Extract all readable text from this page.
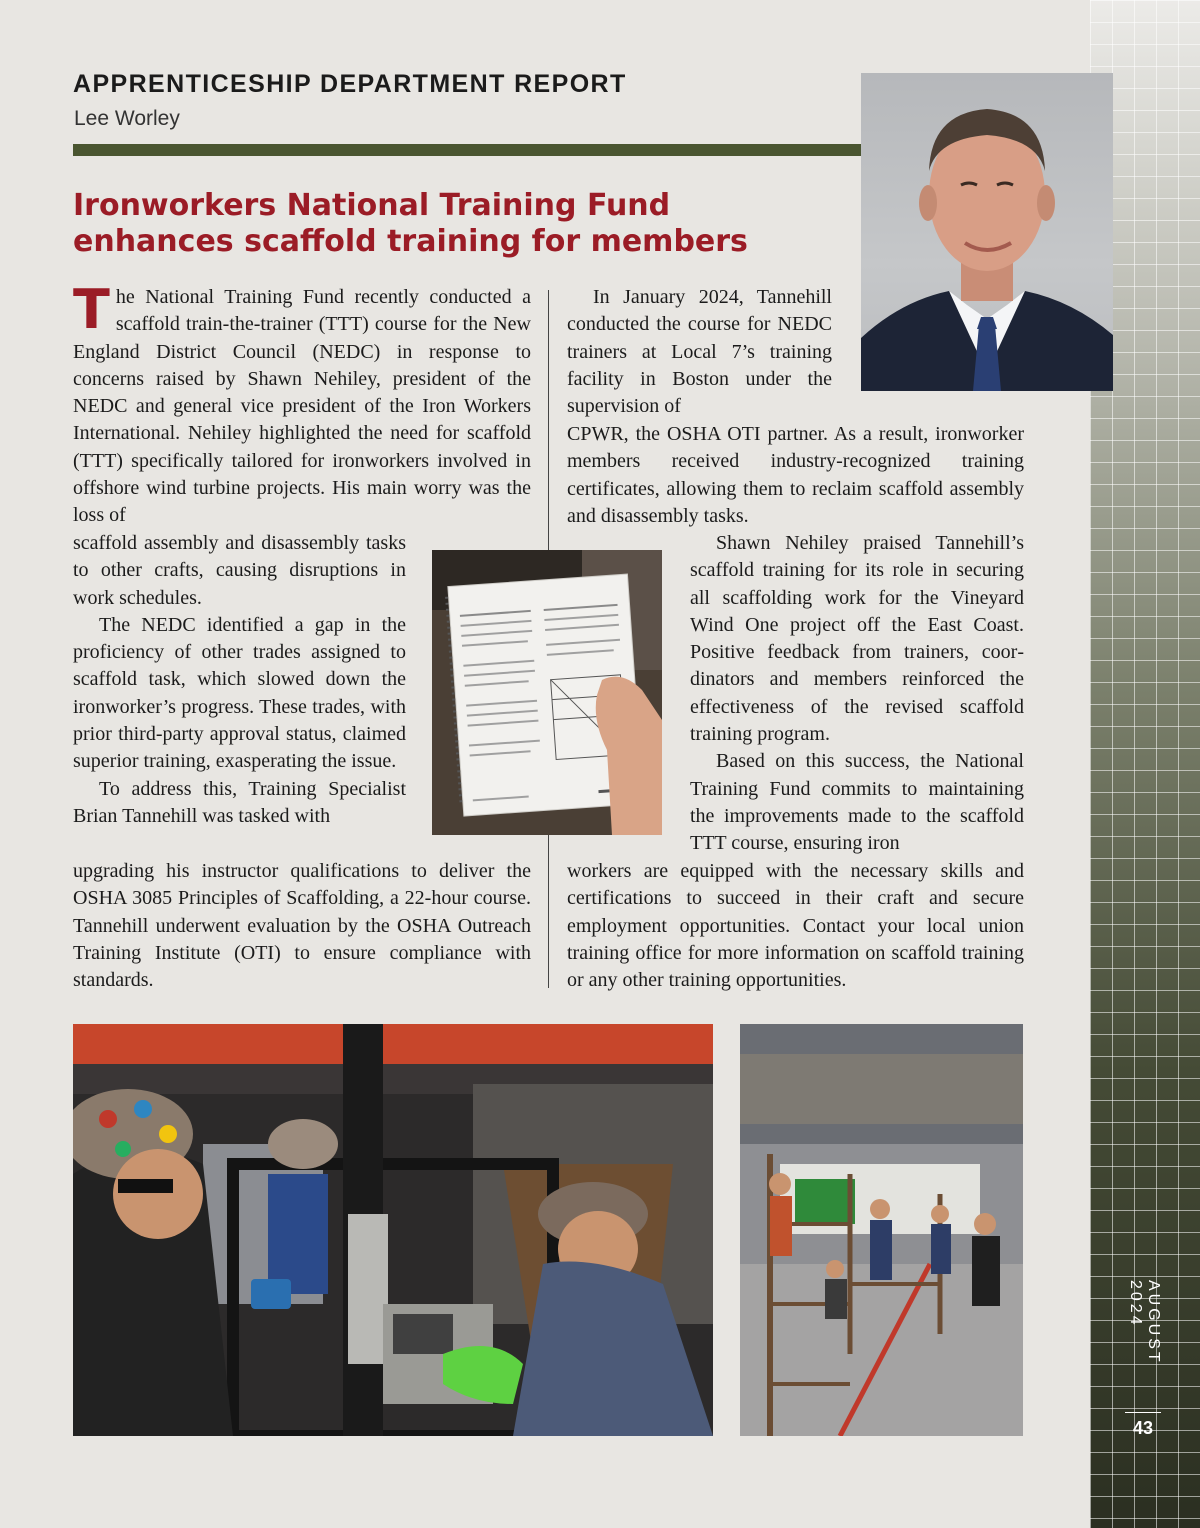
AUGUST 2024
43
APPRENTICESHIP DEPARTMENT REPORT
Lee Worley
Ironworkers National Training Fund enhances scaffold training for members

The National Training Fund recently conducted a scaffold train-the-trainer (TTT) course for the New England District Council (NEDC) in response to concerns raised by Shawn Nehiley, president of the NEDC and general vice president of the Iron Workers International. Nehiley highlighted the need for scaffold (TTT) specifically tailored for ironworkers involved in offshore wind turbine projects. His main worry was the loss of

scaffold assembly and disassembly tasks to other crafts, causing disruptions in work schedules.

The NEDC identified a gap in the proficiency of other trades assigned to scaffold task, which slowed down the ironworker’s progress. These trades, with prior third-party approval status, claimed superior training, exasperating the issue.

To address this, Training Specialist Brian Tannehill was tasked with

upgrading his instructor qualifications to deliver the OSHA 3085 Principles of Scaffolding, a 22-hour course. Tannehill underwent evaluation by the OSHA Outreach Training Institute (OTI) to ensure compliance with standards.

In January 2024, Tannehill conducted the course for NEDC trainers at Local 7’s training facility in Boston under the supervision of

CPWR, the OSHA OTI partner. As a result, ironworker members received industry-recognized training certificates, allowing them to reclaim scaffold assembly and disassembly tasks.

Shawn Nehiley praised Tannehill’s scaffold training for its role in securing all scaffolding work for the Vineyard Wind One project off the East Coast. Positive feedback from trainers, coordinators and members reinforced the effectiveness of the revised scaffold training program.

Based on this success, the National Training Fund commits to maintaining the improvements made to the scaffold TTT course, ensuring iron

workers are equipped with the necessary skills and certifications to succeed in their craft and secure employment opportunities. Contact your local union training office for more information on scaffold training or any other training opportunities.
